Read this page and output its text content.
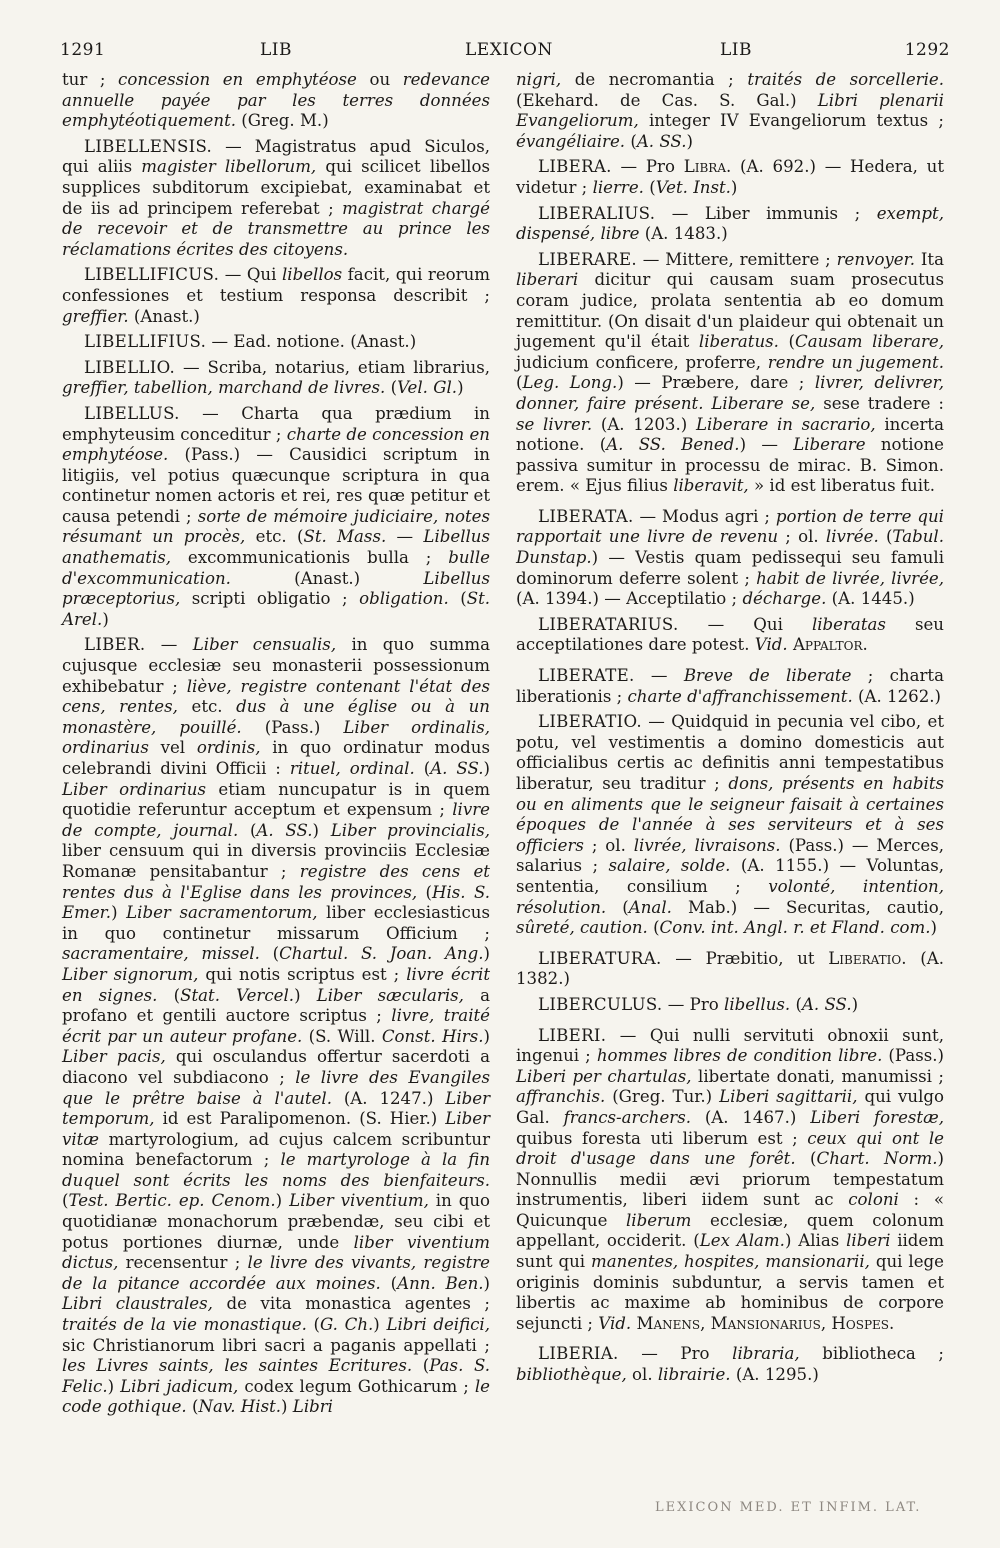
1291	LIB	LEXICON	LIB	1292

tur ; concession en emphytéose ou redevance annuelle payée par les terres données emphytéotiquement. (Greg. M.)

LIBELLENSIS. — Magistratus apud Siculos, qui aliis magister libellorum, qui scilicet libellos supplices subditorum excipiebat, examinabat et de iis ad principem referebat ; magistrat chargé de recevoir et de transmettre au prince les réclamations écrites des citoyens.

LIBELLIFICUS. — Qui libellos facit, qui reorum confessiones et testium responsa describit ; greffier. (Anast.)

LIBELLIFIUS. — Ead. notione. (Anast.)

LIBELLIO. — Scriba, notarius, etiam librarius, greffier, tabellion, marchand de livres. (Vel. Gl.)

LIBELLUS. — Charta qua prædium in emphyteusim conceditur ; charte de concession en emphytéose. (Pass.) — Causidici scriptum in litigiis, vel potius quæcunque scriptura in qua continetur nomen actoris et rei, res quæ petitur et causa petendi ; sorte de mémoire judiciaire, notes résumant un procès, etc. (St. Mass. — Libellus anathematis, excommunicationis bulla ; bulle d'excommunication. (Anast.) Libellus præceptorius, scripti obligatio ; obligation. (St. Arel.)

LIBER. — Liber censualis, in quo summa cujusque ecclesiæ seu monasterii possessionum exhibebatur ; liève, registre contenant l'état des cens, rentes, etc. dus à une église ou à un monastère, pouillé. (Pass.) Liber ordinalis, ordinarius vel ordinis, in quo ordinatur modus celebrandi divini Officii : rituel, ordinal. (A. SS.) Liber ordinarius etiam nuncupatur is in quem quotidie referuntur acceptum et expensum ; livre de compte, journal. (A. SS.) Liber provincialis, liber censuum qui in diversis provinciis Ecclesiæ Romanæ pensitabantur ; registre des cens et rentes dus à l'Eglise dans les provinces, (His. S. Emer.) Liber sacramentorum, liber ecclesiasticus in quo continetur missarum Officium ; sacramentaire, missel. (Chartul. S. Joan. Ang.) Liber signorum, qui notis scriptus est ; livre écrit en signes. (Stat. Vercel.) Liber sæcularis, a profano et gentili auctore scriptus ; livre, traité écrit par un auteur profane. (S. Will. Const. Hirs.) Liber pacis, qui osculandus offertur sacerdoti a diacono vel subdiacono ; le livre des Evangiles que le prêtre baise à l'autel. (A. 1247.) Liber temporum, id est Paralipomenon. (S. Hier.) Liber vitæ martyrologium, ad cujus calcem scribuntur nomina benefactorum ; le martyrologe à la fin duquel sont écrits les noms des bienfaiteurs. (Test. Bertic. ep. Cenom.) Liber viventium, in quo quotidianæ monachorum præbendæ, seu cibi et potus portiones diurnæ, unde liber viventium dictus, recensentur ; le livre des vivants, registre de la pitance accordée aux moines. (Ann. Ben.) Libri claustrales, de vita monastica agentes ; traités de la vie monastique. (G. Ch.) Libri deifici, sic Christianorum libri sacri a paganis appellati ; les Livres saints, les saintes Ecritures. (Pas. S. Felic.) Libri jadicum, codex legum Gothicarum ; le code gothique. (Nav. Hist.) Libri

nigri, de necromantia ; traités de sorcellerie. (Ekehard. de Cas. S. Gal.) Libri plenarii Evangeliorum, integer IV Evangeliorum textus ; évangéliaire. (A. SS.)

LIBERA. — Pro Libra. (A. 692.) — Hedera, ut videtur ; lierre. (Vet. Inst.)

LIBERALIUS. — Liber immunis ; exempt, dispensé, libre (A. 1483.)

LIBERARE. — Mittere, remittere ; renvoyer. Ita liberari dicitur qui causam suam prosecutus coram judice, prolata sententia ab eo domum remittitur. (On disait d'un plaideur qui obtenait un jugement qu'il était liberatus. (Causam liberare, judicium conficere, proferre, rendre un jugement. (Leg. Long.) — Præbere, dare ; livrer, delivrer, donner, faire présent. Liberare se, sese tradere : se livrer. (A. 1203.) Liberare in sacrario, incerta notione. (A. SS. Bened.) — Liberare notione passiva sumitur in processu de mirac. B. Simon. erem. « Ejus filius liberavit, » id est liberatus fuit.

LIBERATA. — Modus agri ; portion de terre qui rapportait une livre de revenu ; ol. livrée. (Tabul. Dunstap.) — Vestis quam pedissequi seu famuli dominorum deferre solent ; habit de livrée, livrée, (A. 1394.) — Acceptilatio ; décharge. (A. 1445.)

LIBERATARIUS. — Qui liberatas seu acceptilationes dare potest. Vid. Appaltor.

LIBERATE. — Breve de liberate ; charta liberationis ; charte d'affranchissement. (A. 1262.)

LIBERATIO. — Quidquid in pecunia vel cibo, et potu, vel vestimentis a domino domesticis aut officialibus certis ac definitis anni tempestatibus liberatur, seu traditur ; dons, présents en habits ou en aliments que le seigneur faisait à certaines époques de l'année à ses serviteurs et à ses officiers ; ol. livrée, livraisons. (Pass.) — Merces, salarius ; salaire, solde. (A. 1155.) — Voluntas, sententia, consilium ; volonté, intention, résolution. (Anal. Mab.) — Securitas, cautio, sûreté, caution. (Conv. int. Angl. r. et Fland. com.)

LIBERATURA. — Præbitio, ut Liberatio. (A. 1382.)

LIBERCULUS. — Pro libellus. (A. SS.)

LIBERI. — Qui nulli servituti obnoxii sunt, ingenui ; hommes libres de condition libre. (Pass.) Liberi per chartulas, libertate donati, manumissi ; affranchis. (Greg. Tur.) Liberi sagittarii, qui vulgo Gal. francs-archers. (A. 1467.) Liberi forestæ, quibus foresta uti liberum est ; ceux qui ont le droit d'usage dans une forêt. (Chart. Norm.) Nonnullis medii ævi priorum tempestatum instrumentis, liberi iidem sunt ac coloni : « Quicunque liberum ecclesiæ, quem colonum appellant, occiderit. (Lex Alam.) Alias liberi iidem sunt qui manentes, hospites, mansionarii, qui lege originis dominis subduntur, a servis tamen et libertis ac maxime ab hominibus de corpore sejuncti ; Vid. Manens, Mansionarius, Hospes.

LIBERIA. — Pro libraria, bibliotheca ; bibliothèque, ol. librairie. (A. 1295.)

LEXICON MED. ET INFIM. LAT.
